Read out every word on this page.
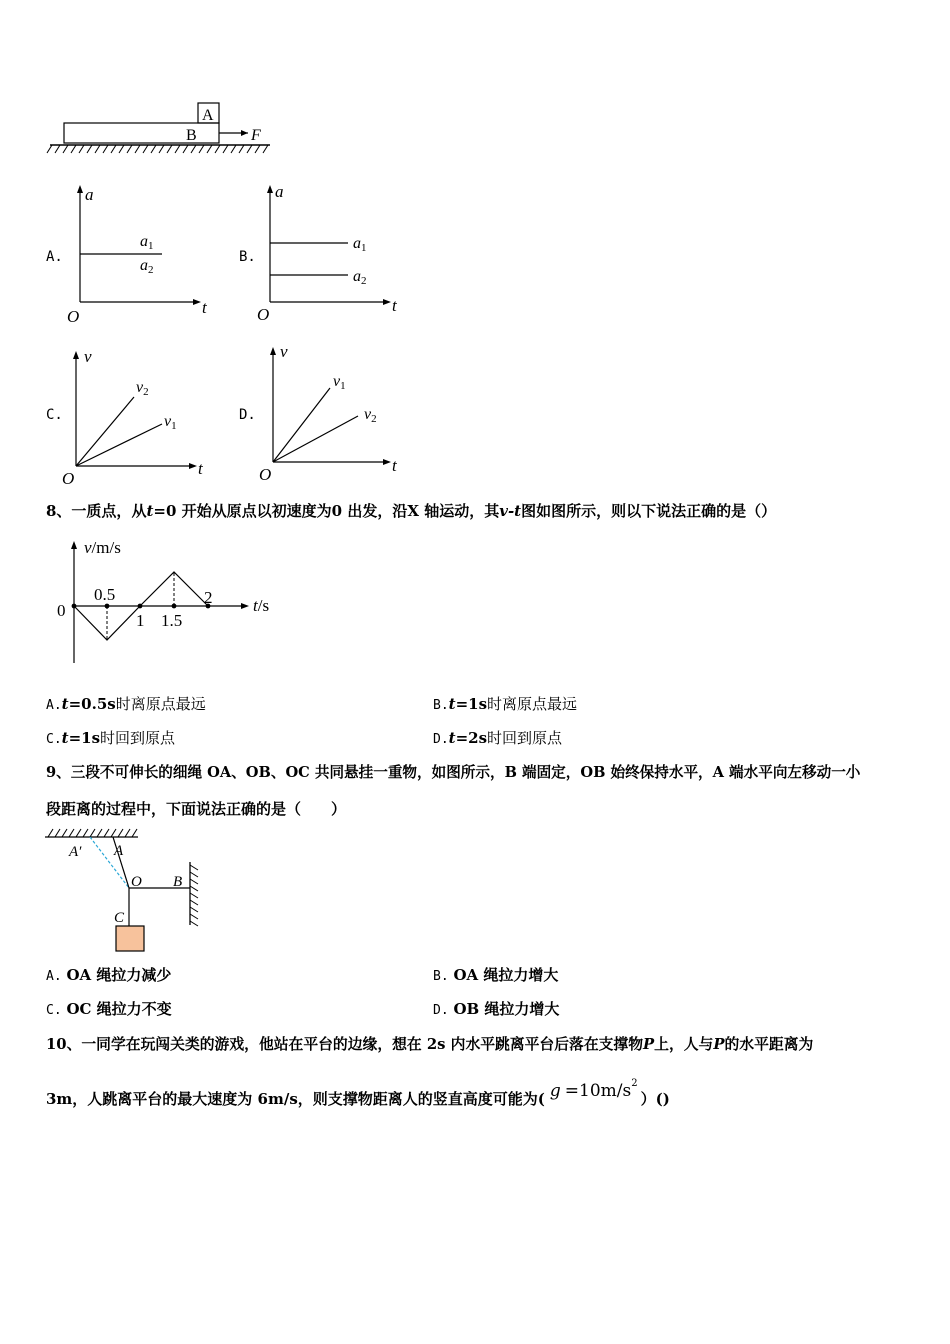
A
B	F
A.
a
t
O
a1
a2
B.
a
t
O
a1
a2
C.
v
t
O
v2
v1
D.
v
t
O
v1
v2
8、一质点，从t=0 开始从原点以初速度为0 出发，沿X 轴运动，其v-t图如图所示，则以下说法正确的是（）
v/m/s
t/s
0
0.5
1 1.5
2
A.t=0.5s时离原点最远	B.t=1s时离原点最远
C.t=1s时回到原点	D.t=2s时回到原点
9、三段不可伸长的细绳 OA、OB、OC 共同悬挂一重物，如图所示，B 端固定，OB 始终保持水平，A 端水平向左移动一小
段距离的过程中，下面说法正确的是（　　）
A′ A
O B
C
A. OA 绳拉力减少	B. OA 绳拉力增大
C. OC 绳拉力不变	D. OB 绳拉力增大
10、一同学在玩闯关类的游戏，他站在平台的边缘，想在 2s 内水平跳离平台后落在支撑物P上，人与P的水平距离为
3m，人跳离平台的最大速度为 6m/s，则支撑物距离人的竖直高度可能为( $g =10m/s^2)()$
